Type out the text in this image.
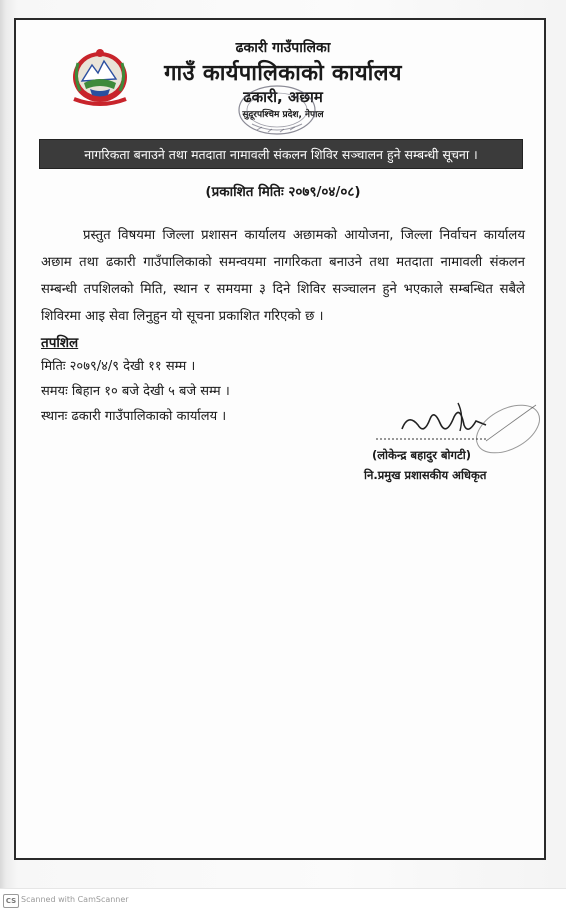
ढकारी गाउँपालिका
गाउँ कार्यपालिकाको कार्यालय
ढकारी, अछाम
सुदूरपश्चिम प्रदेश, नेपाल
नागरिकता बनाउने तथा मतदाता नामावली संकलन शिविर सञ्चालन हुने सम्बन्धी सूचना ।
(प्रकाशित मितिः २०७९/०४/०८)
प्रस्तुत विषयमा जिल्ला प्रशासन कार्यालय अछामको आयोजना, जिल्ला निर्वाचन कार्यालय अछाम तथा ढकारी गाउँपालिकाको समन्वयमा नागरिकता बनाउने तथा मतदाता नामावली संकलन सम्बन्धी तपशिलको मिति, स्थान र समयमा ३ दिने शिविर सञ्चालन हुने भएकाले सम्बन्धित सबैले शिविरमा आइ सेवा लिनुहुन यो सूचना प्रकाशित गरिएको छ ।
तपशिल
मितिः २०७९/४/९ देखी ११ सम्म ।
समयः बिहान १० बजे देखी ५ बजे सम्म ।
स्थानः ढकारी गाउँपालिकाको कार्यालय ।
(लोकेन्द्र बहादुर बोगटी)
नि.प्रमुख प्रशासकीय अधिकृत
CS Scanned with CamScanner
